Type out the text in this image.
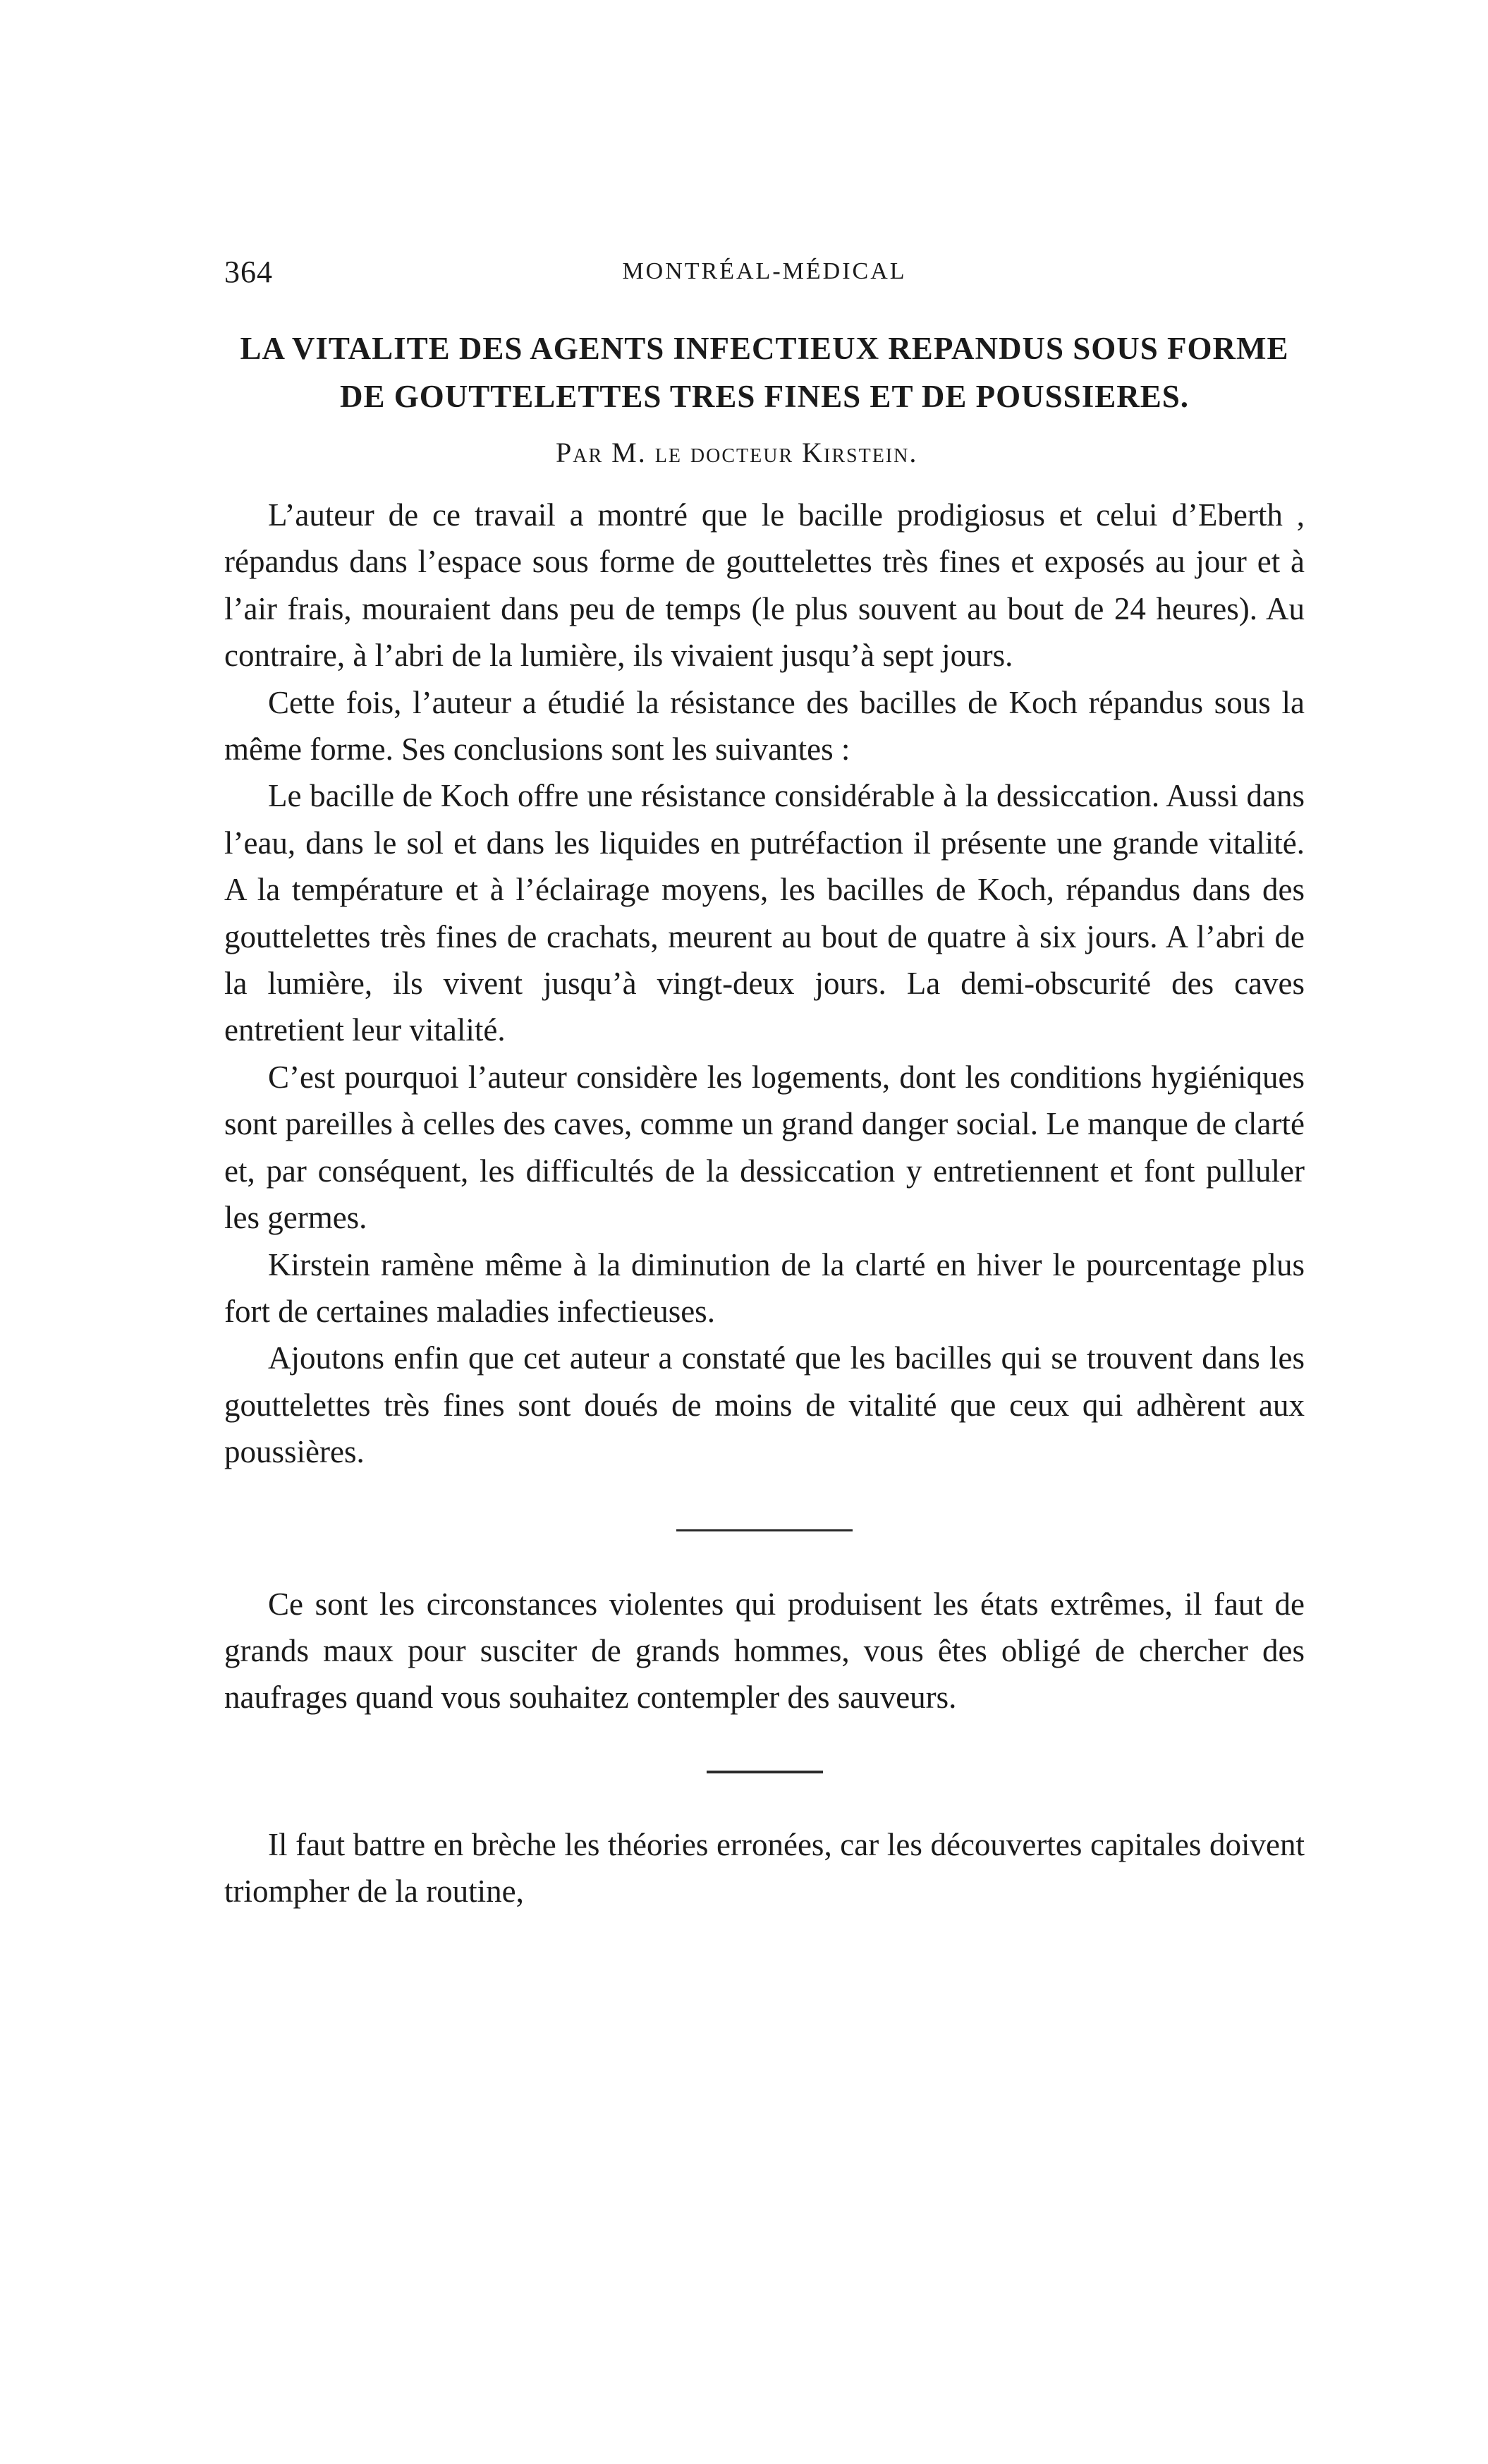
364	MONTRÉAL-MÉDICAL
LA VITALITE DES AGENTS INFECTIEUX REPANDUS SOUS FORME DE GOUTTELETTES TRES FINES ET DE POUSSIERES.
Par M. le docteur Kirstein.

L’auteur de ce travail a montré que le bacille prodigiosus et celui d’Eberth , répandus dans l’espace sous forme de gouttelettes très fines et exposés au jour et à l’air frais, mouraient dans peu de temps (le plus souvent au bout de 24 heures). Au contraire, à l’abri de la lumière, ils vivaient jusqu’à sept jours.

Cette fois, l’auteur a étudié la résistance des bacilles de Koch répandus sous la même forme. Ses conclusions sont les suivantes :

Le bacille de Koch offre une résistance considérable à la dessiccation. Aussi dans l’eau, dans le sol et dans les liquides en putréfaction il présente une grande vitalité. A la température et à l’éclairage moyens, les bacilles de Koch, répandus dans des gouttelettes très fines de crachats, meurent au bout de quatre à six jours. A l’abri de la lumière, ils vivent jusqu’à vingt-deux jours. La demi-obscurité des caves entretient leur vitalité.

C’est pourquoi l’auteur considère les logements, dont les conditions hygiéniques sont pareilles à celles des caves, comme un grand danger social. Le manque de clarté et, par conséquent, les difficultés de la dessiccation y entretiennent et font pulluler les germes.

Kirstein ramène même à la diminution de la clarté en hiver le pourcentage plus fort de certaines maladies infectieuses.

Ajoutons enfin que cet auteur a constaté que les bacilles qui se trouvent dans les gouttelettes très fines sont doués de moins de vitalité que ceux qui adhèrent aux poussières.

Ce sont les circonstances violentes qui produisent les états extrêmes, il faut de grands maux pour susciter de grands hommes, vous êtes obligé de chercher des naufrages quand vous souhaitez contempler des sauveurs.

Il faut battre en brèche les théories erronées, car les découvertes capitales doivent triompher de la routine,
